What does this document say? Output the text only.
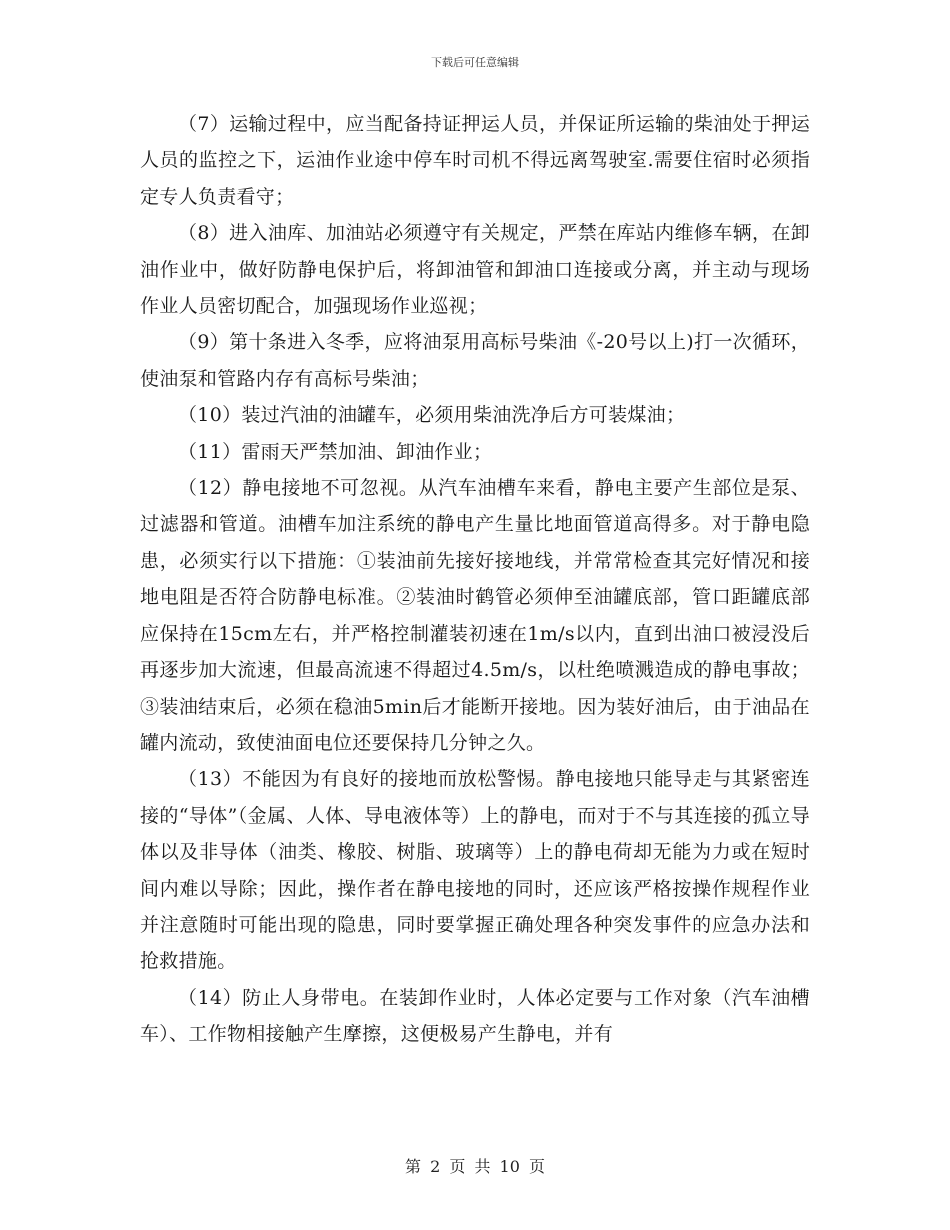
下载后可任意编辑

（7）运输过程中，应当配备持证押运人员，并保证所运输的柴油处于押运人员的监控之下，运油作业途中停车时司机不得远离驾驶室.需要住宿时必须指定专人负责看守；

（8）进入油库、加油站必须遵守有关规定，严禁在库站内维修车辆，在卸油作业中，做好防静电保护后，将卸油管和卸油口连接或分离，并主动与现场作业人员密切配合，加强现场作业巡视；

（9）第十条进入冬季，应将油泵用高标号柴油《-20号以上)打一次循环，使油泵和管路内存有高标号柴油；

（10）装过汽油的油罐车，必须用柴油洗净后方可装煤油；

（11）雷雨天严禁加油、卸油作业；

（12）静电接地不可忽视。从汽车油槽车来看，静电主要产生部位是泵、过滤器和管道。油槽车加注系统的静电产生量比地面管道高得多。对于静电隐患，必须实行以下措施：①装油前先接好接地线，并常常检查其完好情况和接地电阻是否符合防静电标准。②装油时鹤管必须伸至油罐底部，管口距罐底部应保持在15cm左右，并严格控制灌装初速在1m/s以内，直到出油口被浸没后再逐步加大流速，但最高流速不得超过4.5m/s，以杜绝喷溅造成的静电事故；③装油结束后，必须在稳油5min后才能断开接地。因为装好油后，由于油品在罐内流动，致使油面电位还要保持几分钟之久。

（13）不能因为有良好的接地而放松警惕。静电接地只能导走与其紧密连接的“导体”（金属、人体、导电液体等）上的静电，而对于不与其连接的孤立导体以及非导体（油类、橡胶、树脂、玻璃等）上的静电荷却无能为力或在短时间内难以导除；因此，操作者在静电接地的同时，还应该严格按操作规程作业并注意随时可能出现的隐患，同时要掌握正确处理各种突发事件的应急办法和抢救措施。

（14）防止人身带电。在装卸作业时，人体必定要与工作对象（汽车油槽车）、工作物相接触产生摩擦，这便极易产生静电，并有

第 2 页 共 10 页
